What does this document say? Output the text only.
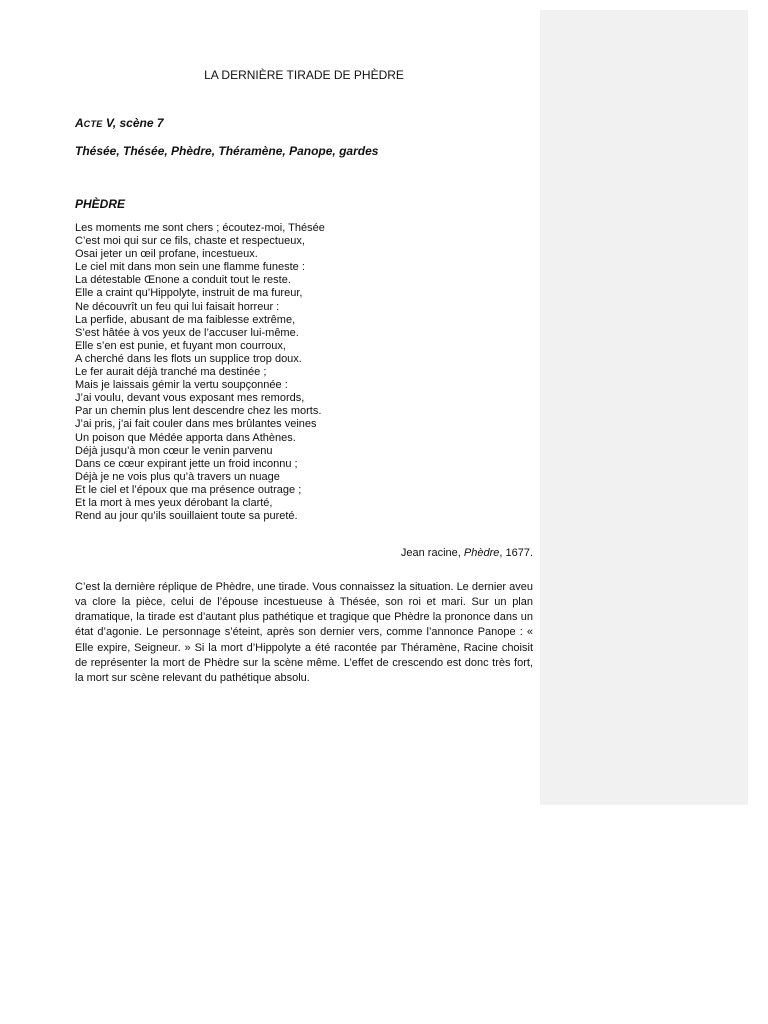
LA DERNIÈRE TIRADE DE PHÈDRE

ACTE V, scène 7

Thésée, Thésée, Phèdre, Théramène, Panope, gardes

PHÈDRE

Les moments me sont chers ; écoutez-moi, Thésée
C’est moi qui sur ce fils, chaste et respectueux,
Osai jeter un œil profane, incestueux.
Le ciel mit dans mon sein une flamme funeste :
La détestable Œnone a conduit tout le reste.
Elle a craint qu’Hippolyte, instruit de ma fureur,
Ne découvrît un feu qui lui faisait horreur :
La perfide, abusant de ma faiblesse extrême,
S’est hâtée à vos yeux de l’accuser lui-même.
Elle s’en est punie, et fuyant mon courroux,
A cherché dans les flots un supplice trop doux.
Le fer aurait déjà tranché ma destinée ;
Mais je laissais gémir la vertu soupçonnée :
J’ai voulu, devant vous exposant mes remords,
Par un chemin plus lent descendre chez les morts.
J’ai pris, j’ai fait couler dans mes brûlantes veines
Un poison que Médée apporta dans Athènes.
Déjà jusqu’à mon cœur le venin parvenu
Dans ce cœur expirant jette un froid inconnu ;
Déjà je ne vois plus qu’à travers un nuage
Et le ciel et l’époux que ma présence outrage ;
Et la mort à mes yeux dérobant la clarté,
Rend au jour qu’ils souillaient toute sa pureté.

Jean racine, Phèdre, 1677.

C’est la dernière réplique de Phèdre, une tirade. Vous connaissez la situation. Le dernier aveu va clore la pièce, celui de l’épouse incestueuse à Thésée, son roi et mari. Sur un plan dramatique, la tirade est d’autant plus pathétique et tragique que Phèdre la prononce dans un état d’agonie. Le personnage s’éteint, après son dernier vers, comme l’annonce Panope : « Elle expire, Seigneur. » Si la mort d’Hippolyte a été racontée par Théramène, Racine choisit de représenter la mort de Phèdre sur la scène même. L’effet de crescendo est donc très fort, la mort sur scène relevant du pathétique absolu.
